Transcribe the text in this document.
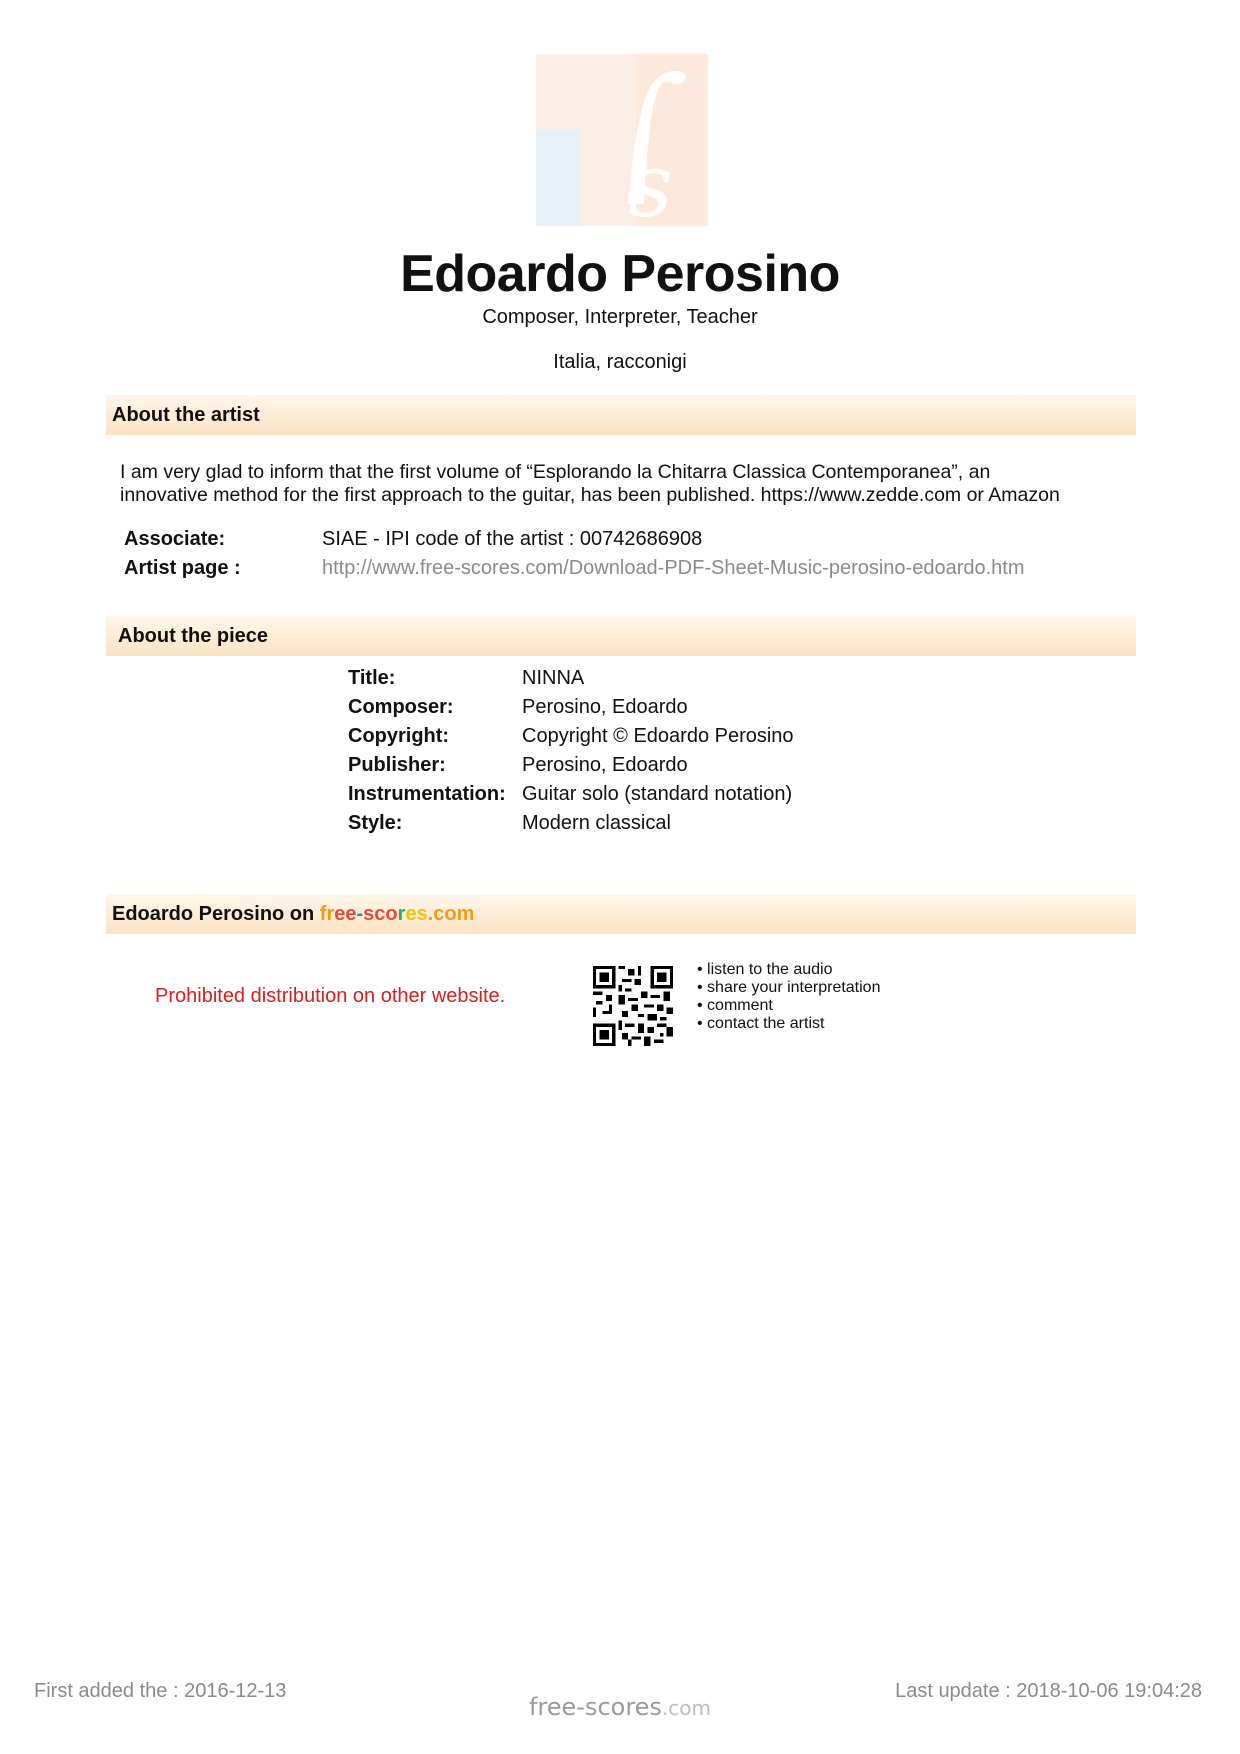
s
Edoardo Perosino
Composer, Interpreter, Teacher
Italia, racconigi
About the artist
I am very glad to inform that the first volume of “Esplorando la Chitarra Classica Contemporanea”, an innovative method for the first approach to the guitar, has been published. https://www.zedde.com or Amazon
Associate:	SIAE - IPI code of the artist : 00742686908
Artist page :	http://www.free-scores.com/Download-PDF-Sheet-Music-perosino-edoardo.htm
About the piece
Title:	NINNA
Composer:	Perosino, Edoardo
Copyright:	Copyright © Edoardo Perosino
Publisher:	Perosino, Edoardo
Instrumentation: Guitar solo (standard notation)
Style:	Modern classical
Edoardo Perosino on free-scores.com
Prohibited distribution on other website.
• listen to the audio
• share your interpretation
• comment
• contact the artist
First added the : 2016-12-13
free-scores.com
Last update : 2018-10-06 19:04:28
